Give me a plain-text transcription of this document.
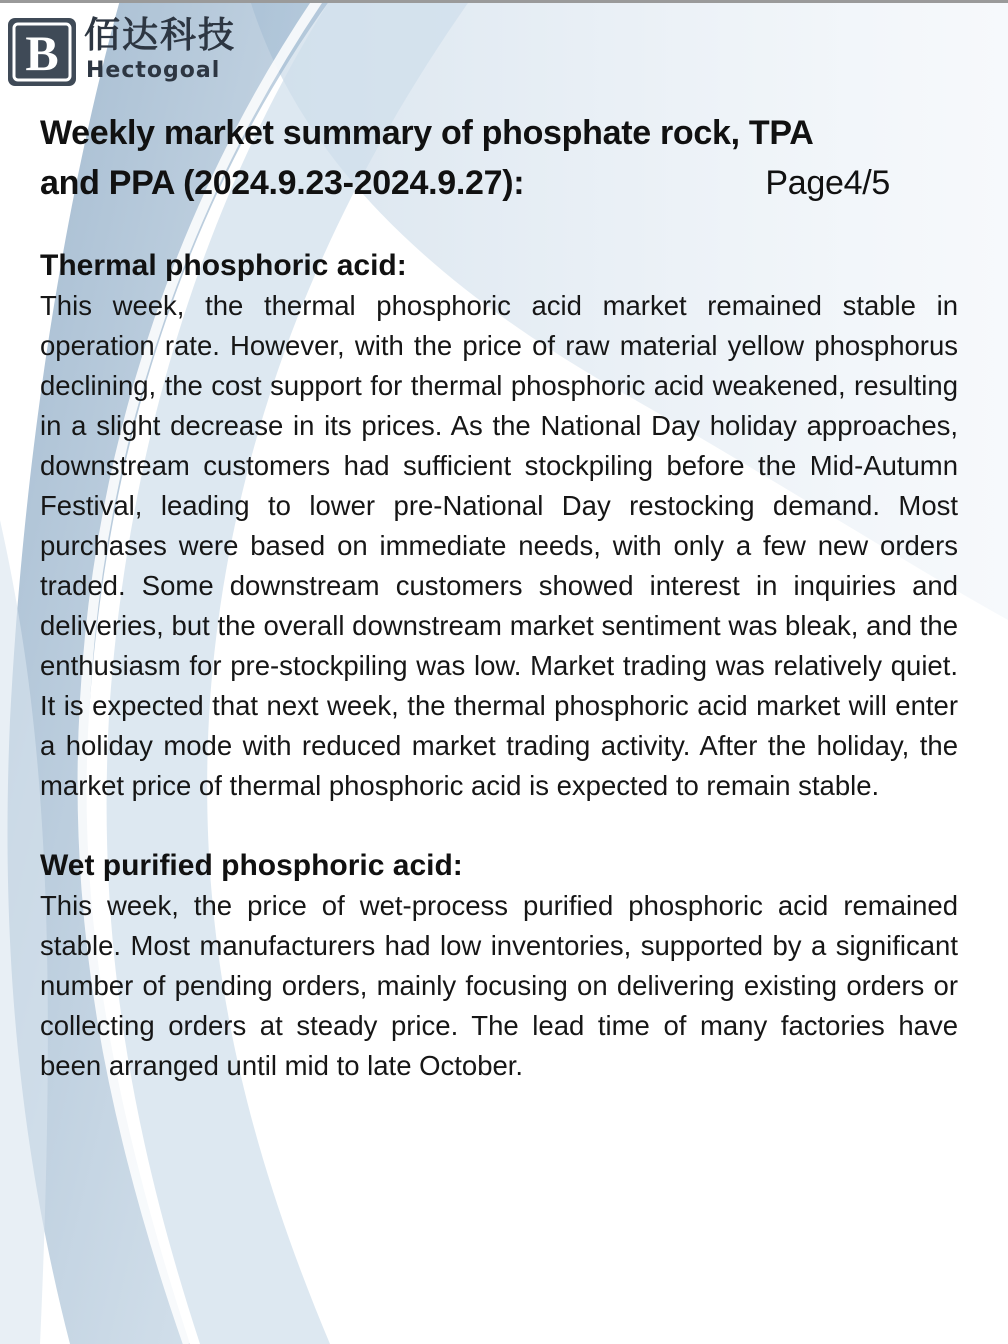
B 佰达科技
Hectogoal
Weekly market summary of phosphate rock, TPA
and PPA (2024.9.23-2024.9.27):	Page4/5
Thermal phosphoric acid:

This week, the thermal phosphoric acid market remained stable in operation rate. However, with the price of raw material yellow phosphorus declining, the cost support for thermal phosphoric acid weakened, resulting in a slight decrease in its prices. As the National Day holiday approaches, downstream customers had sufficient stockpiling before the Mid-Autumn Festival, leading to lower pre-National Day restocking demand. Most purchases were based on immediate needs, with only a few new orders traded. Some downstream customers showed interest in inquiries and deliveries, but the overall downstream market sentiment was bleak, and the enthusiasm for pre-stockpiling was low. Market trading was relatively quiet. It is expected that next week, the thermal phosphoric acid market will enter a holiday mode with reduced market trading activity. After the holiday, the market price of thermal phosphoric acid is expected to remain stable.

Wet purified phosphoric acid:

This week, the price of wet-process purified phosphoric acid remained stable. Most manufacturers had low inventories, supported by a significant number of pending orders, mainly focusing on delivering existing orders or collecting orders at steady price. The lead time of many factories have been arranged until mid to late October.
